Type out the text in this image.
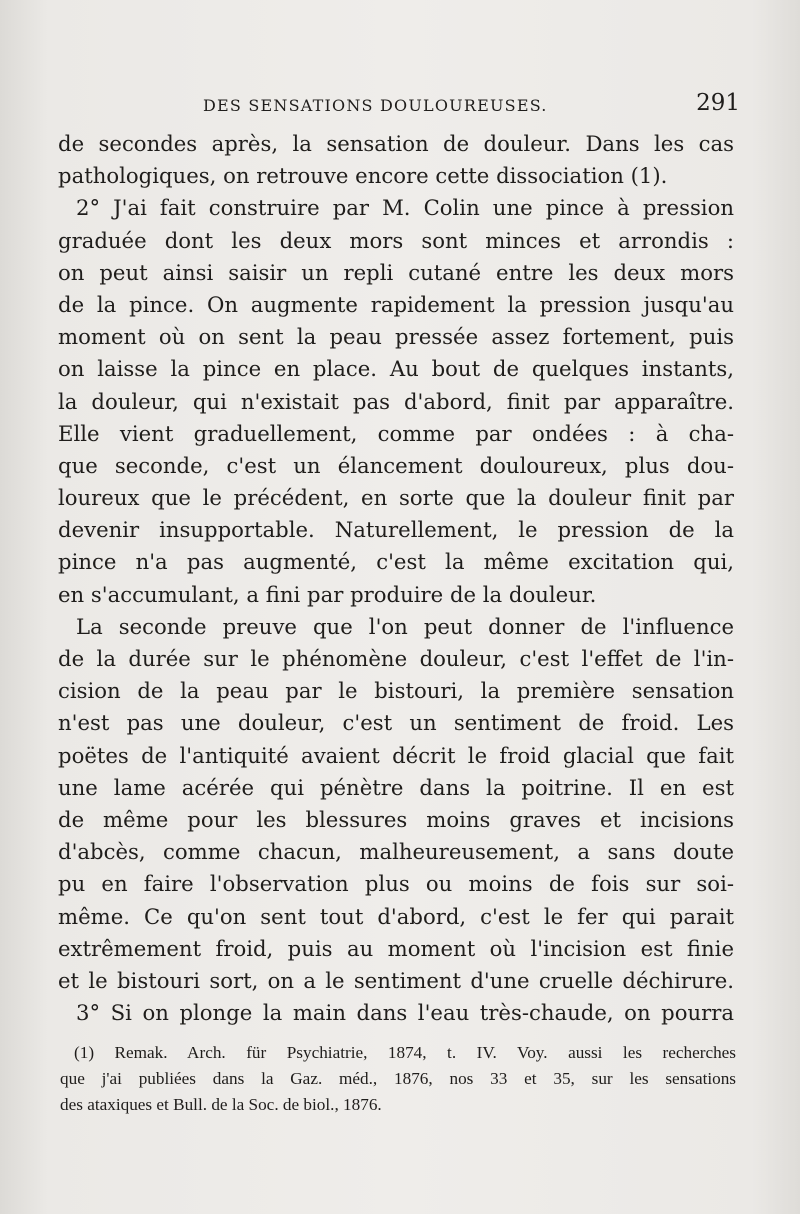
DES SENSATIONS DOULOUREUSES.	291
de secondes après, la sensation de douleur. Dans les cas
pathologiques, on retrouve encore cette dissociation (1).
2° J'ai fait construire par M. Colin une pince à pression
graduée dont les deux mors sont minces et arrondis :
on peut ainsi saisir un repli cutané entre les deux mors
de la pince. On augmente rapidement la pression jusqu'au
moment où on sent la peau pressée assez fortement, puis
on laisse la pince en place. Au bout de quelques instants,
la douleur, qui n'existait pas d'abord, finit par apparaître.
Elle vient graduellement, comme par ondées : à cha-
que seconde, c'est un élancement douloureux, plus dou-
loureux que le précédent, en sorte que la douleur finit par
devenir insupportable. Naturellement, le pression de la
pince n'a pas augmenté, c'est la même excitation qui,
en s'accumulant, a fini par produire de la douleur.
La seconde preuve que l'on peut donner de l'influence
de la durée sur le phénomène douleur, c'est l'effet de l'in-
cision de la peau par le bistouri, la première sensation
n'est pas une douleur, c'est un sentiment de froid. Les
poëtes de l'antiquité avaient décrit le froid glacial que fait
une lame acérée qui pénètre dans la poitrine. Il en est
de même pour les blessures moins graves et incisions
d'abcès, comme chacun, malheureusement, a sans doute
pu en faire l'observation plus ou moins de fois sur soi-
même. Ce qu'on sent tout d'abord, c'est le fer qui parait
extrêmement froid, puis au moment où l'incision est finie
et le bistouri sort, on a le sentiment d'une cruelle déchirure.
3° Si on plonge la main dans l'eau très-chaude, on pourra
(1) Remak. Arch. für Psychiatrie, 1874, t. IV. Voy. aussi les recherches
que j'ai publiées dans la Gaz. méd., 1876, nos 33 et 35, sur les sensations
des ataxiques et Bull. de la Soc. de biol., 1876.
